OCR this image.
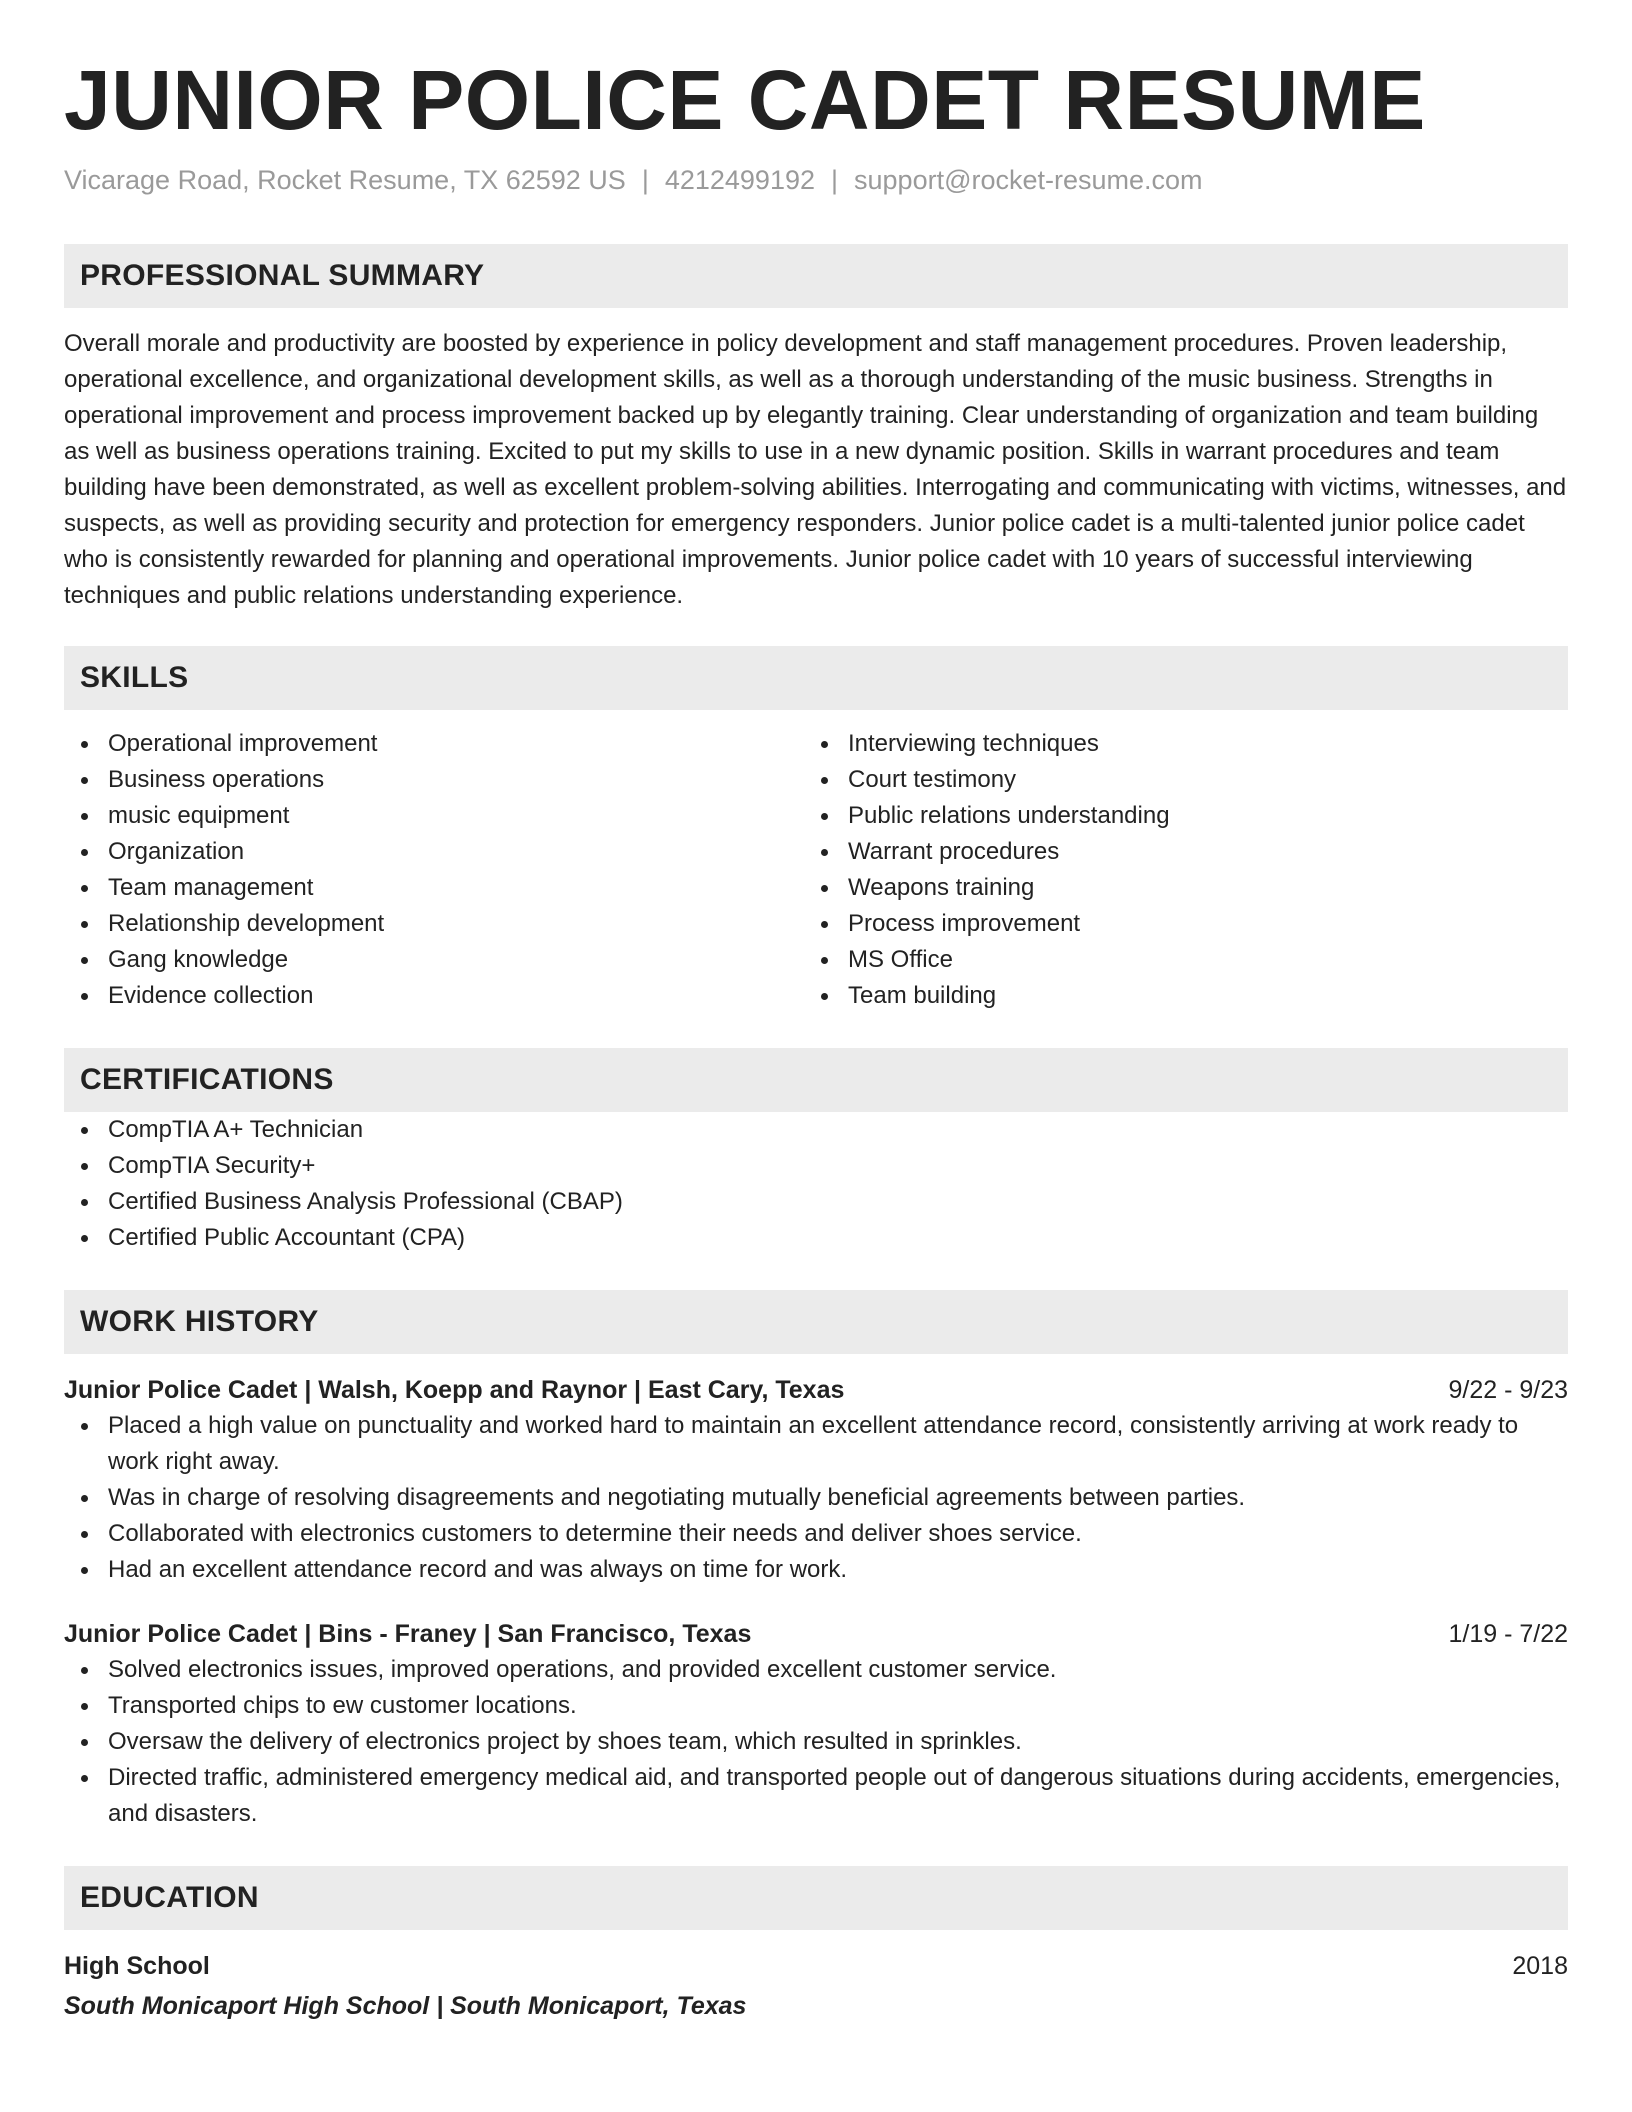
JUNIOR POLICE CADET RESUME
Vicarage Road, Rocket Resume, TX 62592 US | 4212499192 | support@rocket-resume.com
PROFESSIONAL SUMMARY

Overall morale and productivity are boosted by experience in policy development and staff management procedures. Proven leadership, operational excellence, and organizational development skills, as well as a thorough understanding of the music business. Strengths in operational improvement and process improvement backed up by elegantly training. Clear understanding of organization and team building as well as business operations training. Excited to put my skills to use in a new dynamic position. Skills in warrant procedures and team building have been demonstrated, as well as excellent problem-solving abilities. Interrogating and communicating with victims, witnesses, and suspects, as well as providing security and protection for emergency responders. Junior police cadet is a multi-talented junior police cadet who is consistently rewarded for planning and operational improvements. Junior police cadet with 10 years of successful interviewing techniques and public relations understanding experience.

SKILLS
Operational improvement
Business operations
music equipment
Organization
Team management
Relationship development
Gang knowledge
Evidence collection
Interviewing techniques
Court testimony
Public relations understanding
Warrant procedures
Weapons training
Process improvement
MS Office
Team building
CERTIFICATIONS
CompTIA A+ Technician
CompTIA Security+
Certified Business Analysis Professional (CBAP)
Certified Public Accountant (CPA)
WORK HISTORY
Junior Police Cadet | Walsh, Koepp and Raynor | East Cary, Texas	9/22 - 9/23
Placed a high value on punctuality and worked hard to maintain an excellent attendance record, consistently arriving at work ready to work right away.
Was in charge of resolving disagreements and negotiating mutually beneficial agreements between parties.
Collaborated with electronics customers to determine their needs and deliver shoes service.
Had an excellent attendance record and was always on time for work.
Junior Police Cadet | Bins - Franey | San Francisco, Texas	1/19 - 7/22
Solved electronics issues, improved operations, and provided excellent customer service.
Transported chips to ew customer locations.
Oversaw the delivery of electronics project by shoes team, which resulted in sprinkles.
Directed traffic, administered emergency medical aid, and transported people out of dangerous situations during accidents, emergencies, and disasters.
EDUCATION
High School	2018
South Monicaport High School | South Monicaport, Texas
